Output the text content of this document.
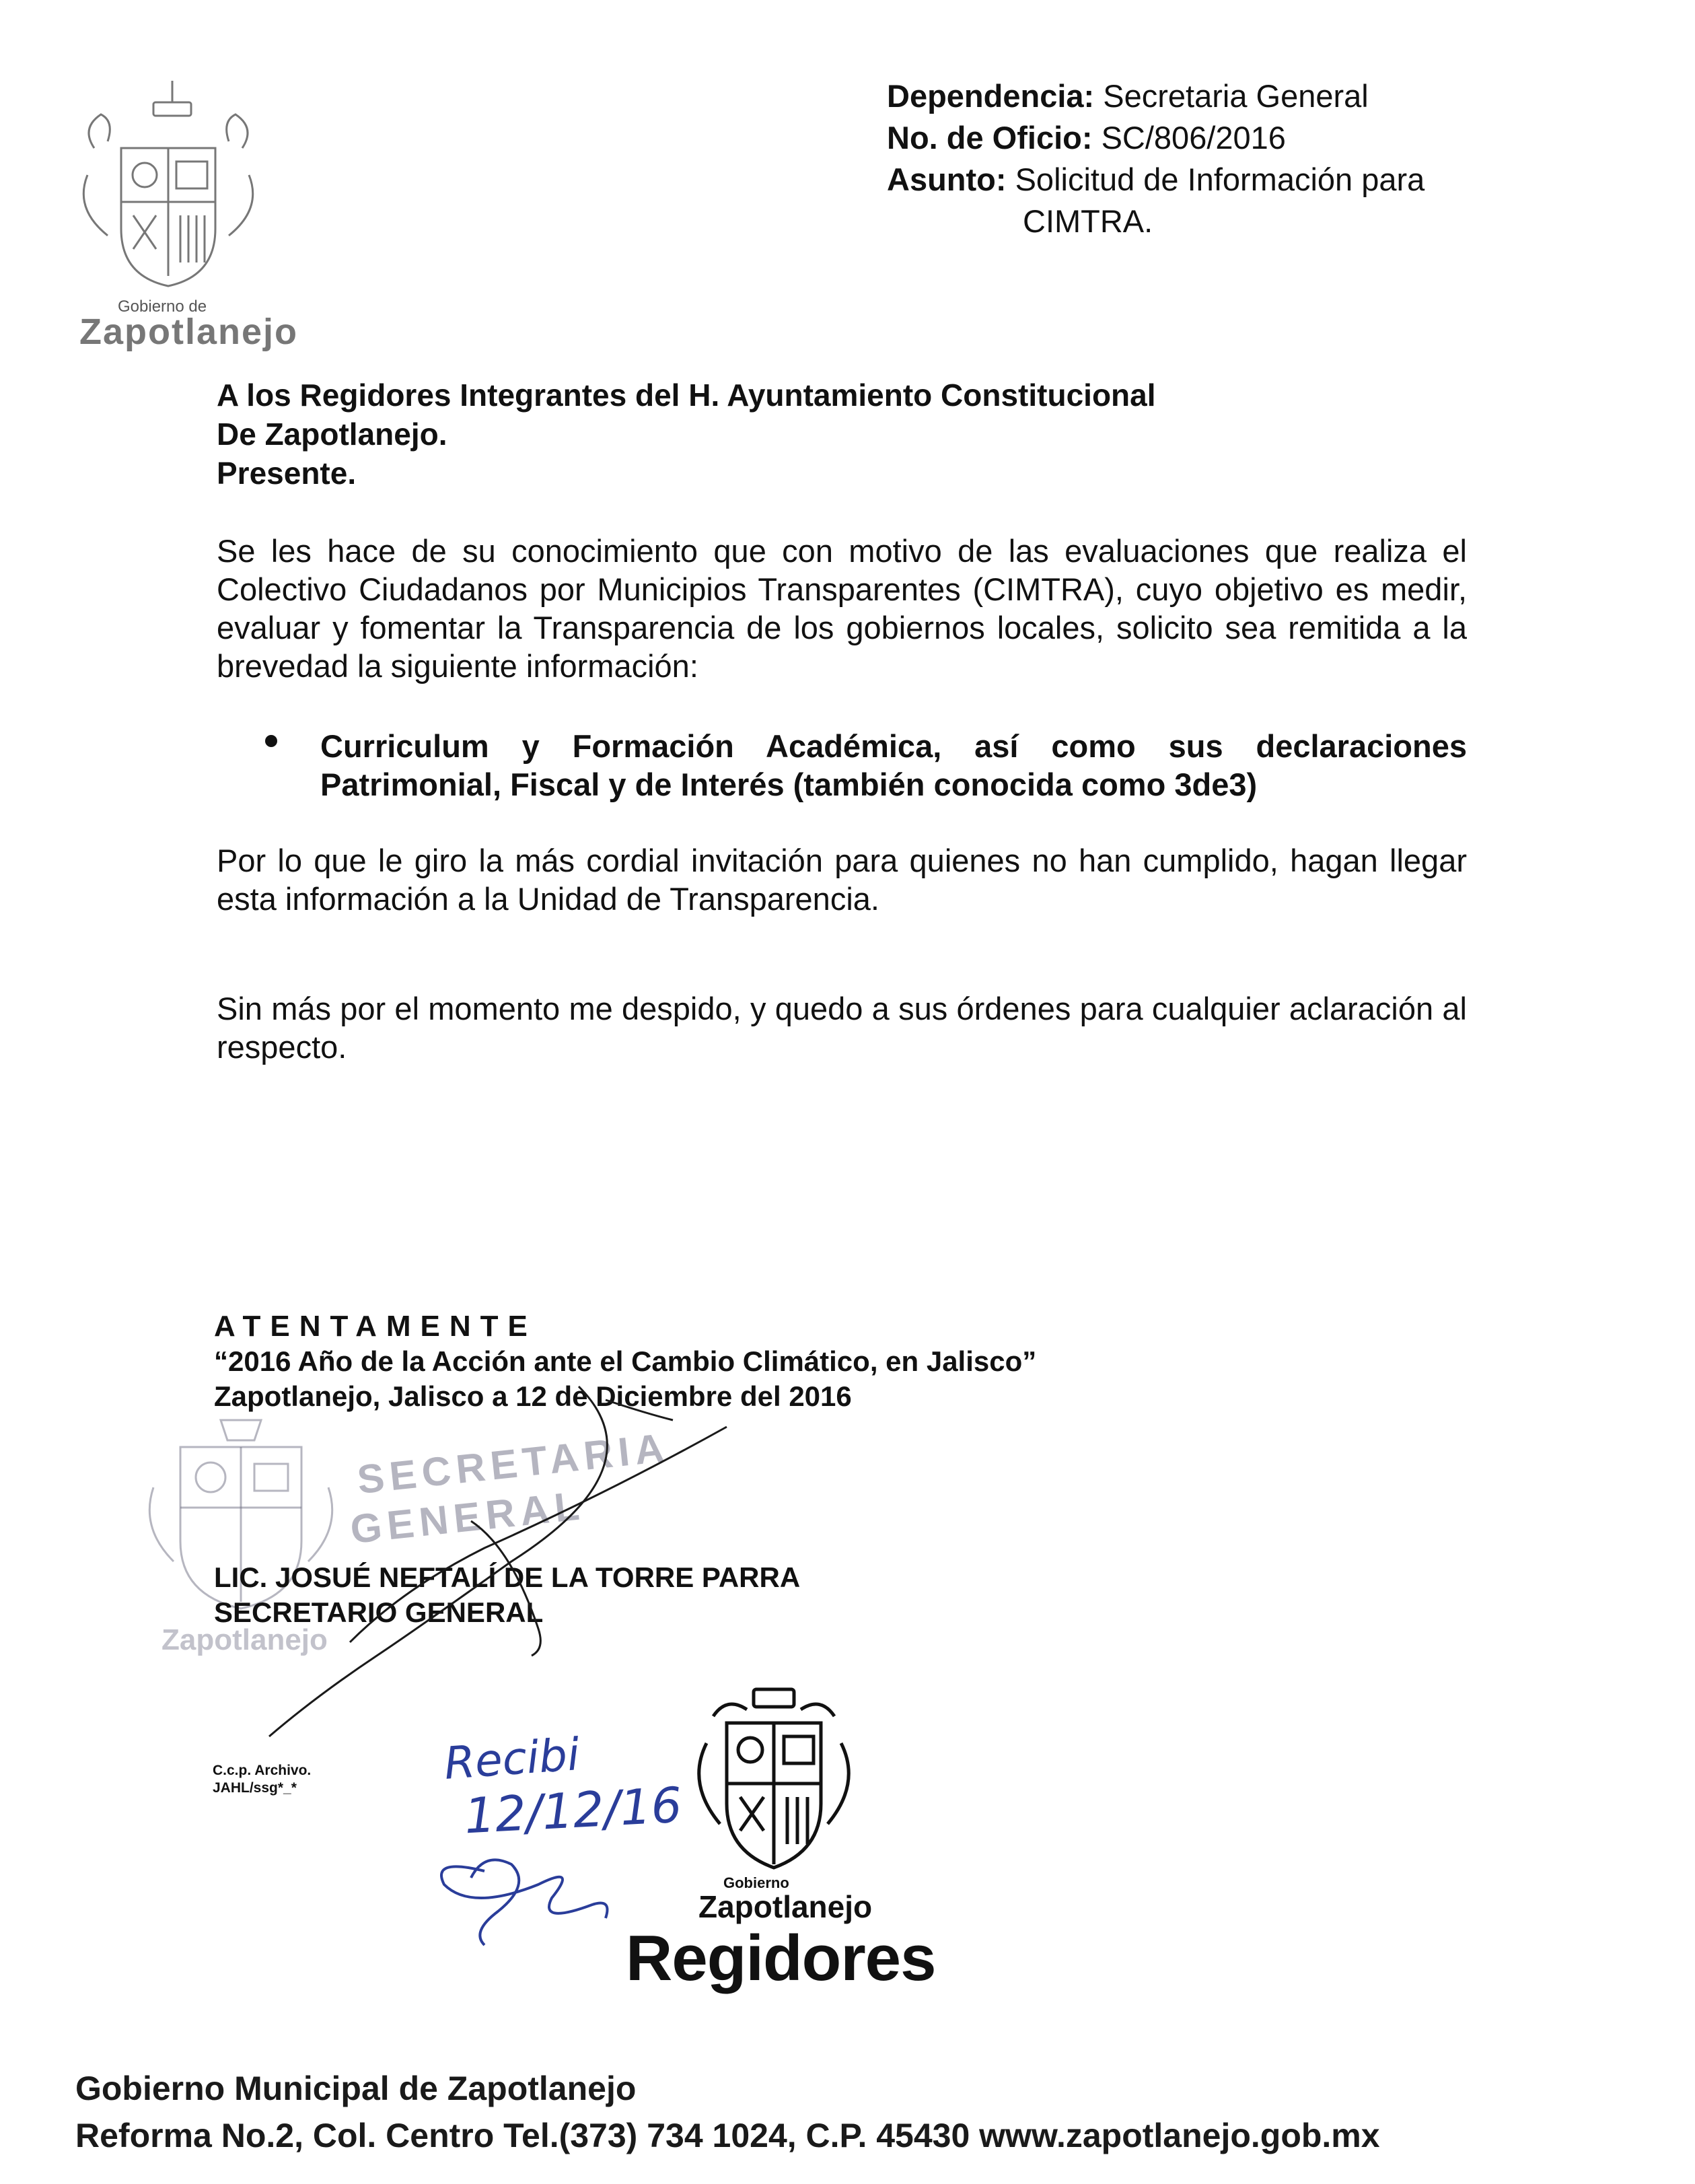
Gobierno de
Zapotlanejo
Dependencia: Secretaria General
No. de Oficio: SC/806/2016
Asunto: Solicitud de Información para
CIMTRA.
A los Regidores Integrantes del H. Ayuntamiento Constitucional
De Zapotlanejo.
Presente.
Se les hace de su conocimiento que con motivo de las evaluaciones que realiza el Colectivo Ciudadanos por Municipios Transparentes (CIMTRA), cuyo objetivo es medir, evaluar y fomentar la Transparencia de los gobiernos locales, solicito sea remitida a la brevedad la siguiente información:
Curriculum y Formación Académica, así como sus declaraciones Patrimonial, Fiscal y de Interés (también conocida como 3de3)
Por lo que le giro la más cordial invitación para quienes no han cumplido, hagan llegar esta información a la Unidad de Transparencia.
Sin más por el momento me despido, y quedo a sus órdenes para cualquier aclaración al respecto.
ATENTAMENTE
“2016 Año de la Acción ante el Cambio Climático, en Jalisco”
Zapotlanejo, Jalisco a 12 de Diciembre del 2016
SECRETARIA
GENERAL
Zapotlanejo
LIC. JOSUÉ NEFTALÍ DE LA TORRE PARRA
SECRETARIO GENERAL
C.c.p. Archivo.
JAHL/ssg*_*	Recibi
12/12/16
Gobierno
Zapotlanejo
Regidores
Gobierno Municipal de Zapotlanejo
Reforma No.2, Col. Centro Tel.(373) 734 1024, C.P. 45430 www.zapotlanejo.gob.mx
